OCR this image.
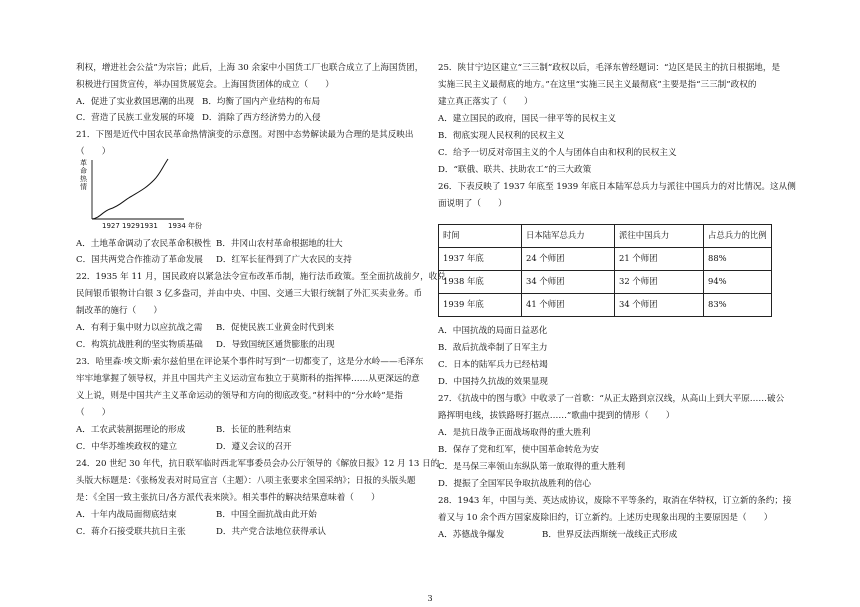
利权，增进社会公益”为宗旨；此后，上海 30 余家中小国货工厂也联合成立了上海国货团，
积极进行国货宣传，举办国货展览会。上海国货团体的成立（　　）
A．促进了实业救国思潮的出现 B．均衡了国内产业结构的布局
C．营造了民族工业发展的环境 D．消除了西方经济势力的入侵
21．下图是近代中国农民革命热情演变的示意图。对图中态势解读最为合理的是其反映出
（　　）
革
命
热
情
1927 1929 1931 1934 年份
A．土地革命调动了农民革命积极性 B．井冈山农村革命根据地的壮大
C．国共两党合作推动了革命发展 D．红军长征得到了广大农民的支持
22．1935 年 11 月，国民政府以紧急法令宣布改革币制，施行法币政策。至全面抗战前夕，收兑
民间银币银物计白银 3 亿多盎司，并由中央、中国、交通三大银行统制了外汇买卖业务。币
制改革的施行（　　）
A．有利于集中财力以应抗战之需 B．促使民族工业黄金时代到来
C．构筑抗战胜利的坚实物质基础 D．导致国统区通货膨胀的出现
23．哈里森·埃文斯·索尔兹伯里在评论某个事件时写到“一切都变了，这是分水岭——毛泽东
牢牢地掌握了领导权，并且中国共产主义运动宣布独立于莫斯科的指挥棒……从更深远的意
义上说，则是中国共产主义革命运动的领导和方向的彻底改变。”材料中的“分水岭”是指
（　　）
A．工农武装割据理论的形成	B．长征的胜利结束
C．中华苏维埃政权的建立	D．遵义会议的召开
24．20 世纪 30 年代，抗日联军临时西北军事委员会办公厅领导的《解放日报》12 月 13 日的
头版大标题是：《张杨发表对时局宣言（主题）：八项主张要求全国采纳》；日报的头版头题
是：《全国一致主张抗日/各方派代表来陕》。相关事件的解决结果意味着（　　）
A．十年内战局面彻底结束	B．中国全面抗战由此开始
C．蒋介石接受联共抗日主张	D．共产党合法地位获得承认
25．陕甘宁边区建立“三三制”政权以后，毛泽东曾经题词：“边区是民主的抗日根据地，是
实施三民主义最彻底的地方。”在这里“实施三民主义最彻底”主要是指“三三制”政权的
建立真正落实了（　　）
A．建立国民的政府，国民一律平等的民权主义
B．彻底实现人民权利的民权主义
C．给予一切反对帝国主义的个人与团体自由和权利的民权主义
D．“联俄、联共、扶助农工”的三大政策
26．下表反映了 1937 年底至 1939 年底日本陆军总兵力与派往中国兵力的对比情况。这从侧
面说明了（　　）
时间	日本陆军总兵力	派往中国兵力	占总兵力的比例
1937 年底	24 个师团	21 个师团	88%
1938 年底	34 个师团	32 个师团	94%
1939 年底	41 个师团	34 个师团	83%
A．中国抗战的局面日益恶化
B．敌后抗战牵制了日军主力
C．日本的陆军兵力已经枯竭
D．中国持久抗战的效果显现
27．《抗战中的图与歌》中收录了一首歌：“从正太路到京汉线，从高山上到大平原……破公
路挥明电线，拔铁路呀打据点……”歌曲中提到的情形（　　）
A．是抗日战争正面战场取得的重大胜利
B．保存了党和红军，使中国革命转危为安
C．是马保三率领山东纵队第一旅取得的重大胜利
D．提振了全国军民争取抗战胜利的信心
28．1943 年，中国与美、英达成协议，废除不平等条约，取消在华特权，订立新的条约；接
着又与 10 余个西方国家废除旧约，订立新约。上述历史现象出现的主要原因是（　　）
A．苏德战争爆发	B．世界反法西斯统一战线正式形成
3
